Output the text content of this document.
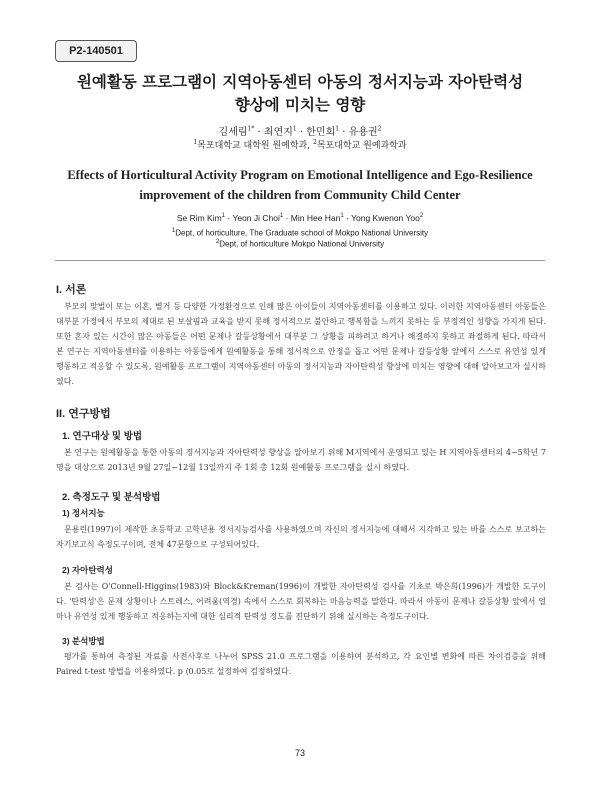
P2-140501
원예활동 프로그램이 지역아동센터 아동의 정서지능과 자아탄력성
향상에 미치는 영향
김세림$^{1*}$ · 최연지$^1$ · 한민희$^1$ · 유용권$^2$
$^1$목포대학교 대학원 원예학과, $^2$목포대학교 원예과학과
Effects of Horticultural Activity Program on Emotional Intelligence and Ego-Resilience
improvement of the children from Community Child Center
Se Rim Kim$^1$ · Yeon Ji Choi$^1$ · Min Hee Han$^1$ · Yong Kwenon Yoo$^2$
$^1$Dept, of horticulture, The Graduate school of Mokpo National University
$^2$Dept, of horticulture Mokpo National University
I. 서론

부모의 맞벌이 또는 이혼, 별거 등 다양한 가정환경으로 인해 많은 아이들이 지역아동센터를 이용하고 있다. 이러한 지역아동센터 아동들은 대부분 가정에서 부모의 제대로 된 보살핌과 교육을 받지 못해 정서적으로 불안하고 행복함을 느끼지 못하는 등 부정적인 성향을 가지게 된다. 또한 혼자 있는 시간이 많은 아동들은 어떤 문제나 갈등상황에서 대부분 그 상황을 피하려고 하거나 해결하지 못하고 좌절하게 된다. 따라서 본 연구는 지역아동센터를 이용하는 아동들에게 원예활동을 통해 정서적으로 안정을 돕고 어떤 문제나 갈등상황 앞에서 스스로 유연성 있게 행동하고 적응할 수 있도록, 원예활동 프로그램이 지역아동센터 아동의 정서지능과 자아탄력성 향상에 미치는 영향에 대해 알아보고자 실시하였다.

II. 연구방법
1. 연구대상 및 방법

본 연구는 원예활동을 통한 아동의 정서지능과 자아탄력성 향상을 알아보기 위해 M지역에서 운영되고 있는 H 지역아동센터의 4~5학년 7명을 대상으로 2013년 9월 27일~12월 13일까지 주 1회 총 12회 원예활동 프로그램을 실시 하였다.

2. 측정도구 및 분석방법
1) 정서지능

문용린(1997)이 제작한 초등학교 고학년용 정서지능검사를 사용하였으며 자신의 정서지능에 대해서 지각하고 있는 바를 스스로 보고하는 자기보고식 측정도구이며, 전체 47문항으로 구성되어있다.

2) 자아탄력성

본 검사는 O'Connell-Higgins(1983)와 Block&Kreman(1996)이 개발한 자아탄력성 검사를 기초로 박은희(1996)가 개발한 도구이다. '탄력성'은 문제 상황이나 스트레스, 어려움(역경) 속에서 스스로 회복하는 마음능력을 말한다. 따라서 아동이 문제나 갈등상황 앞에서 얼마나 유연성 있게 행동하고 적응하는지에 대한 심리적 탄력성 정도를 진단하기 위해 실시하는 측정도구이다.

3) 분석방법

평가를 통하여 측정된 자료를 사전사후로 나누어 SPSS 21.0 프로그램을 이용하여 분석하고, 각 요인별 변화에 따른 차이검증을 위해 Paired t-test 방법을 이용하였다. p ⟨0.05로 설정하여 검정하였다.

73
